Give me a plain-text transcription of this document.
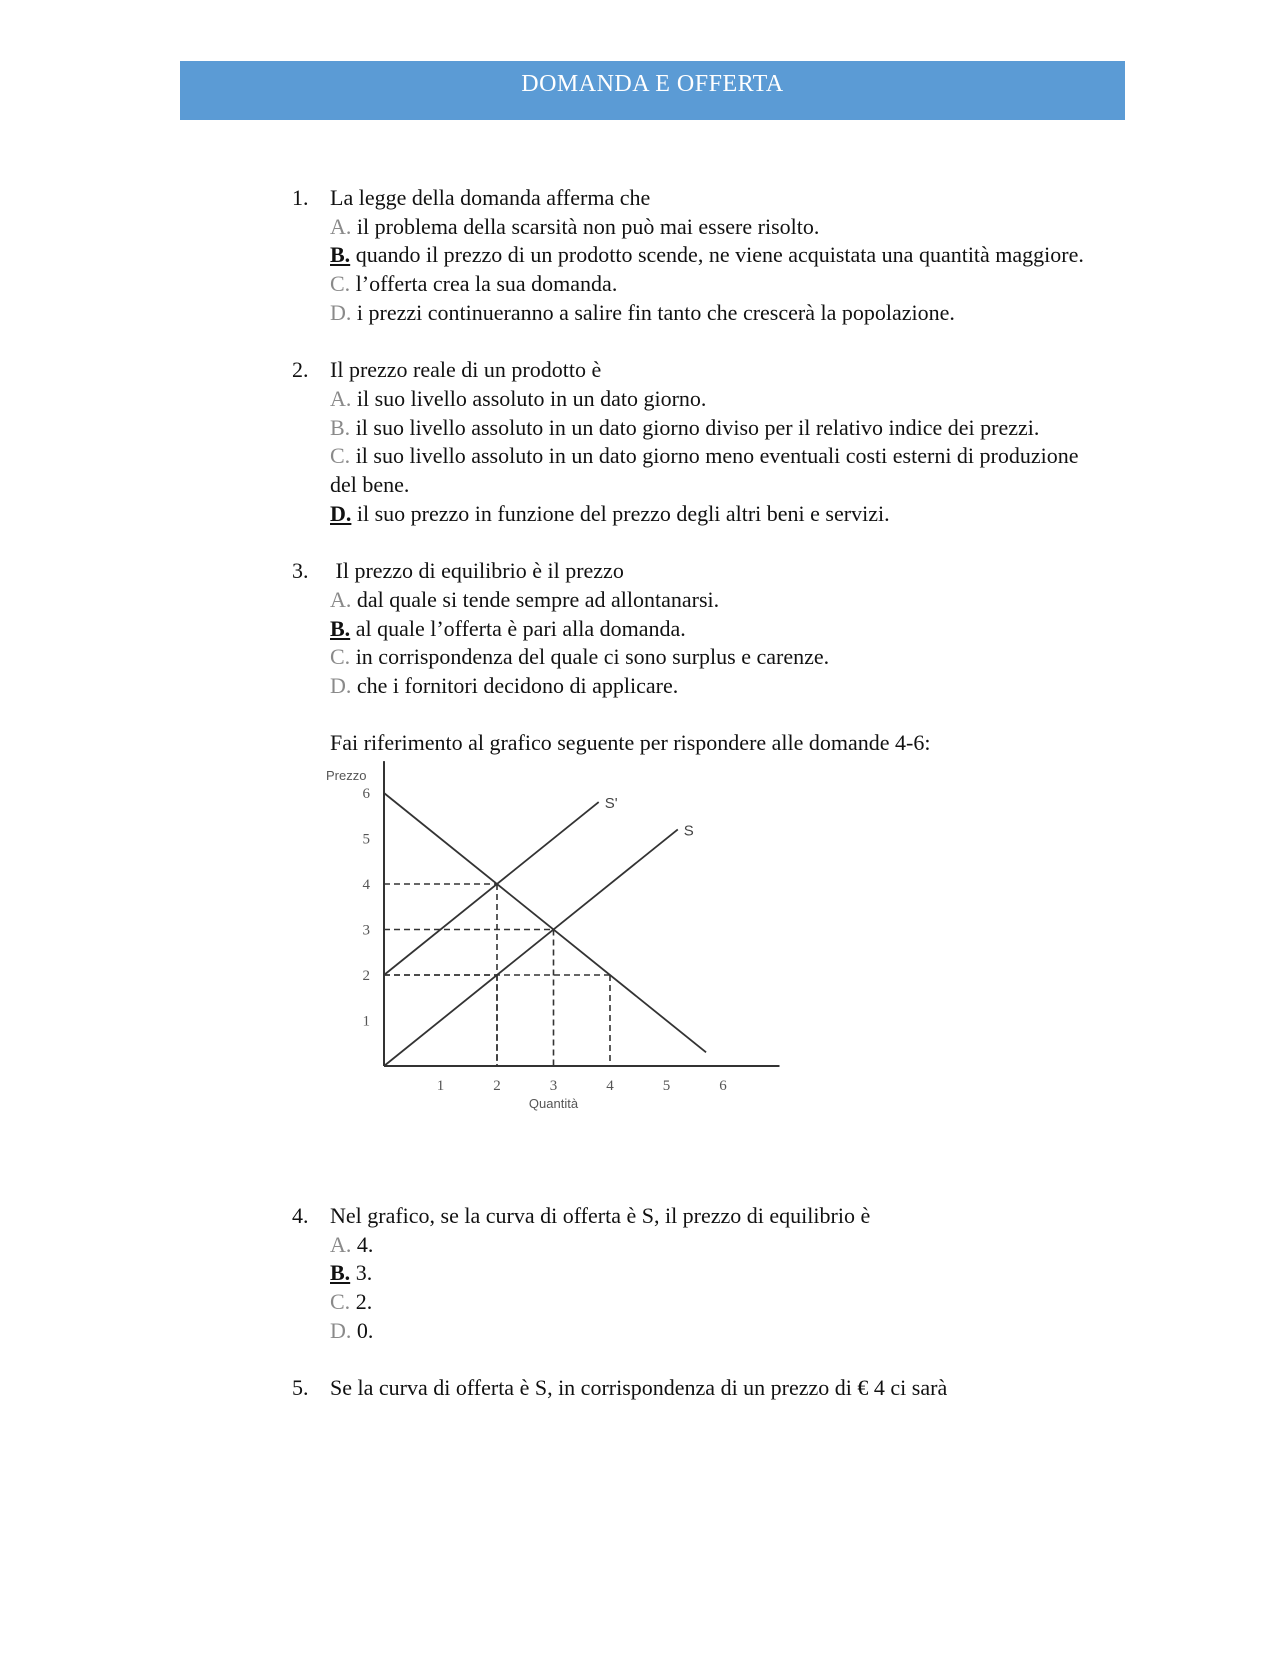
DOMANDA E OFFERTA
1. La legge della domanda afferma che
A. il problema della scarsità non può mai essere risolto.
B. quando il prezzo di un prodotto scende, ne viene acquistata una quantità maggiore.
C. l’offerta crea la sua domanda.
D. i prezzi continueranno a salire fin tanto che crescerà la popolazione.
2. Il prezzo reale di un prodotto è
A. il suo livello assoluto in un dato giorno.
B. il suo livello assoluto in un dato giorno diviso per il relativo indice dei prezzi.
C. il suo livello assoluto in un dato giorno meno eventuali costi esterni di produzione del bene.
D. il suo prezzo in funzione del prezzo degli altri beni e servizi.
3. Il prezzo di equilibrio è il prezzo
A. dal quale si tende sempre ad allontanarsi.
B. al quale l’offerta è pari alla domanda.
C. in corrispondenza del quale ci sono surplus e carenze.
D. che i fornitori decidono di applicare.
Fai riferimento al grafico seguente per rispondere alle domande 4-6:
S'
S
1	2	3	4	5	6
1
2
3
4
5
6
Prezzo
Quantità
4. Nel grafico, se la curva di offerta è S, il prezzo di equilibrio è
A. 4.
B. 3.
C. 2.
D. 0.
5. Se la curva di offerta è S, in corrispondenza di un prezzo di € 4 ci sarà
